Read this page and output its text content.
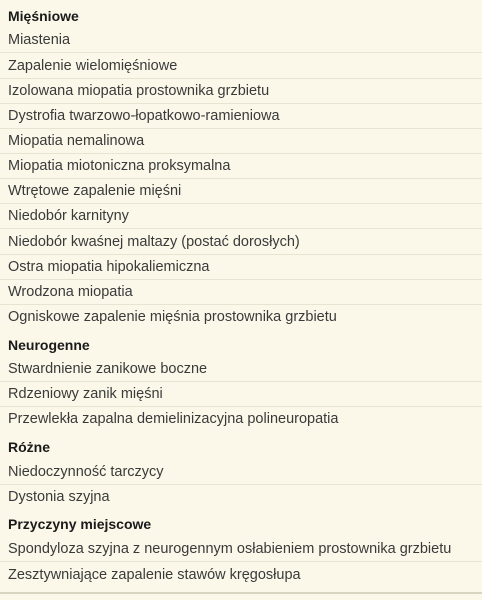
Mięśniowe
Miastenia
Zapalenie wielomięśniowe
Izolowana miopatia prostownika grzbietu
Dystrofia twarzowo-łopatkowo-ramieniowa
Miopatia nemalinowa
Miopatia miotoniczna proksymalna
Wtrętowe zapalenie mięśni
Niedobór karnityny
Niedobór kwaśnej maltazy (postać dorosłych)
Ostra miopatia hipokaliemiczna
Wrodzona miopatia
Ogniskowe zapalenie mięśnia prostownika grzbietu
Neurogenne
Stwardnienie zanikowe boczne
Rdzeniowy zanik mięśni
Przewlekła zapalna demielinizacyjna polineuropatia
Różne
Niedoczynność tarczycy
Dystonia szyjna
Przyczyny miejscowe
Spondyloza szyjna z neurogennym osłabieniem prostownika grzbietu
Zesztywniające zapalenie stawów kręgosłupa
